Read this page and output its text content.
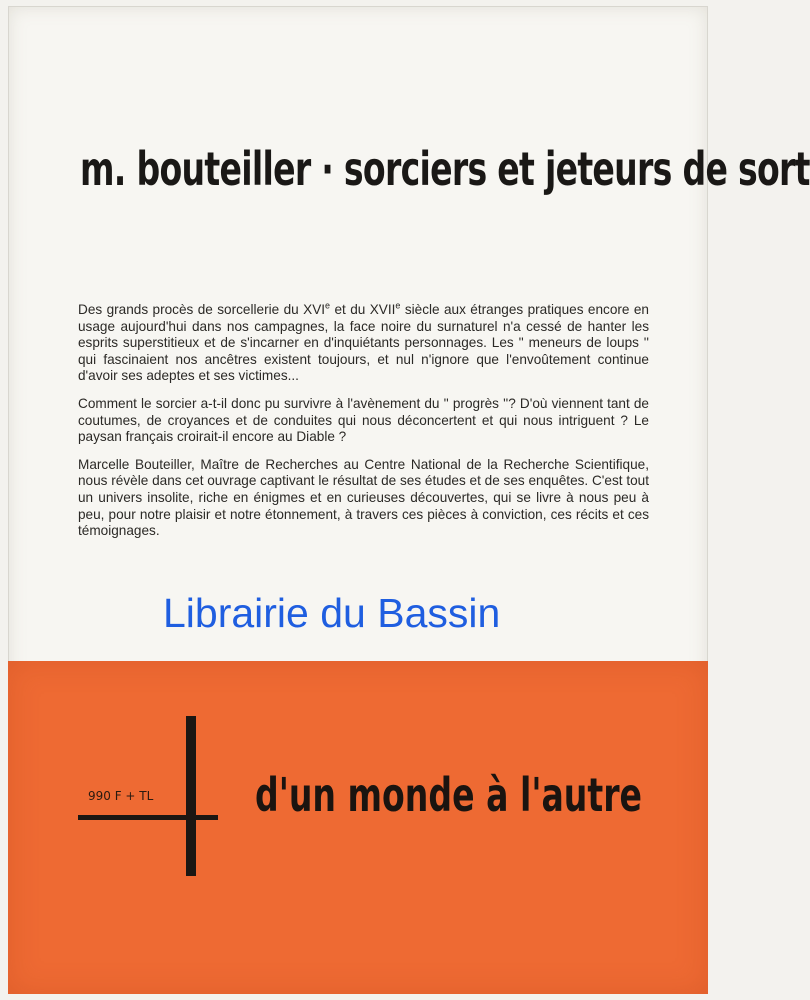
m. bouteiller · sorciers et jeteurs de sort

Des grands procès de sorcellerie du XVIe et du XVIIe siècle aux étranges pratiques encore en usage aujourd'hui dans nos campagnes, la face noire du surnaturel n'a cessé de hanter les esprits superstitieux et de s'incarner en d'inquiétants personnages. Les '' meneurs de loups '' qui fascinaient nos ancêtres existent toujours, et nul n'ignore que l'envoûtement continue d'avoir ses adeptes et ses victimes...

Comment le sorcier a-t-il donc pu survivre à l'avènement du '' progrès ''? D'où viennent tant de coutumes, de croyances et de conduites qui nous déconcertent et qui nous intriguent ? Le paysan français croirait-il encore au Diable ?

Marcelle Bouteiller, Maître de Recherches au Centre National de la Recherche Scientifique, nous révèle dans cet ouvrage captivant le résultat de ses études et de ses enquêtes. C'est tout un univers insolite, riche en énigmes et en curieuses découvertes, qui se livre à nous peu à peu, pour notre plaisir et notre étonnement, à travers ces pièces à conviction, ces récits et ces témoignages.

Librairie du Bassin
990 F + TL d'un monde à l'autre
